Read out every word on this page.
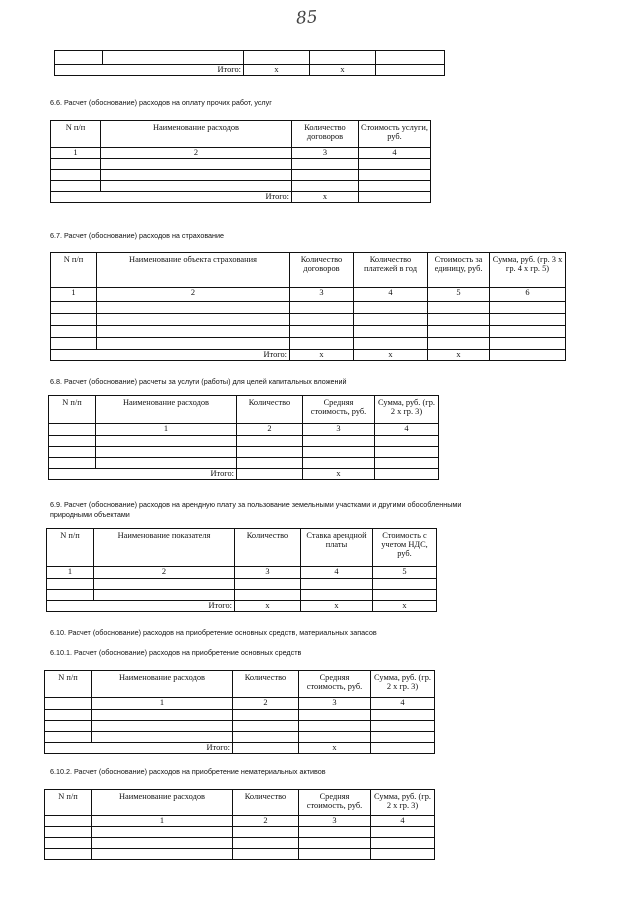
85

Итого:		x	x	
6.6. Расчет (обоснование) расходов на оплату прочих работ, услуг
N п/п	Наименование расходов	Количество договоров	Стоимость услуги, руб.
1	2	3	4

Итого:		x	
6.7. Расчет (обоснование) расходов на страхование
N п/п	Наименование объекта страхования	Количество договоров	Количество платежей в год	Стоимость за единицу, руб.	Сумма, руб. (гр. 3 x гр. 4 x гр. 5)
1	2	3	4	5	6

Итого:		x	x	x	
6.8. Расчет (обоснование) расчеты за услуги (работы) для целей капитальных вложений
N п/п	Наименование расходов	Количество	Средняя стоимость, руб.	Сумма, руб. (гр. 2 x гр. 3)
	1	2	3	4

Итого:			x	
6.9. Расчет (обоснование) расходов на арендную плату за пользование земельными участками и другими обособленными
природными объектами
N п/п	Наименование показателя	Количество	Ставка арендной платы	Стоимость с учетом НДС, руб.
1	2	3	4	5

Итого:		x	x	x
6.10. Расчет (обоснование) расходов на приобретение основных средств, материальных запасов
6.10.1. Расчет (обоснование) расходов на приобретение основных средств
N п/п	Наименование расходов	Количество	Средняя стоимость, руб.	Сумма, руб. (гр. 2 x гр. 3)
	1	2	3	4

Итого:			x	
6.10.2. Расчет (обоснование) расходов на приобретение нематериальных активов
N п/п	Наименование расходов	Количество	Средняя стоимость, руб.	Сумма, руб. (гр. 2 x гр. 3)
	1	2	3	4
